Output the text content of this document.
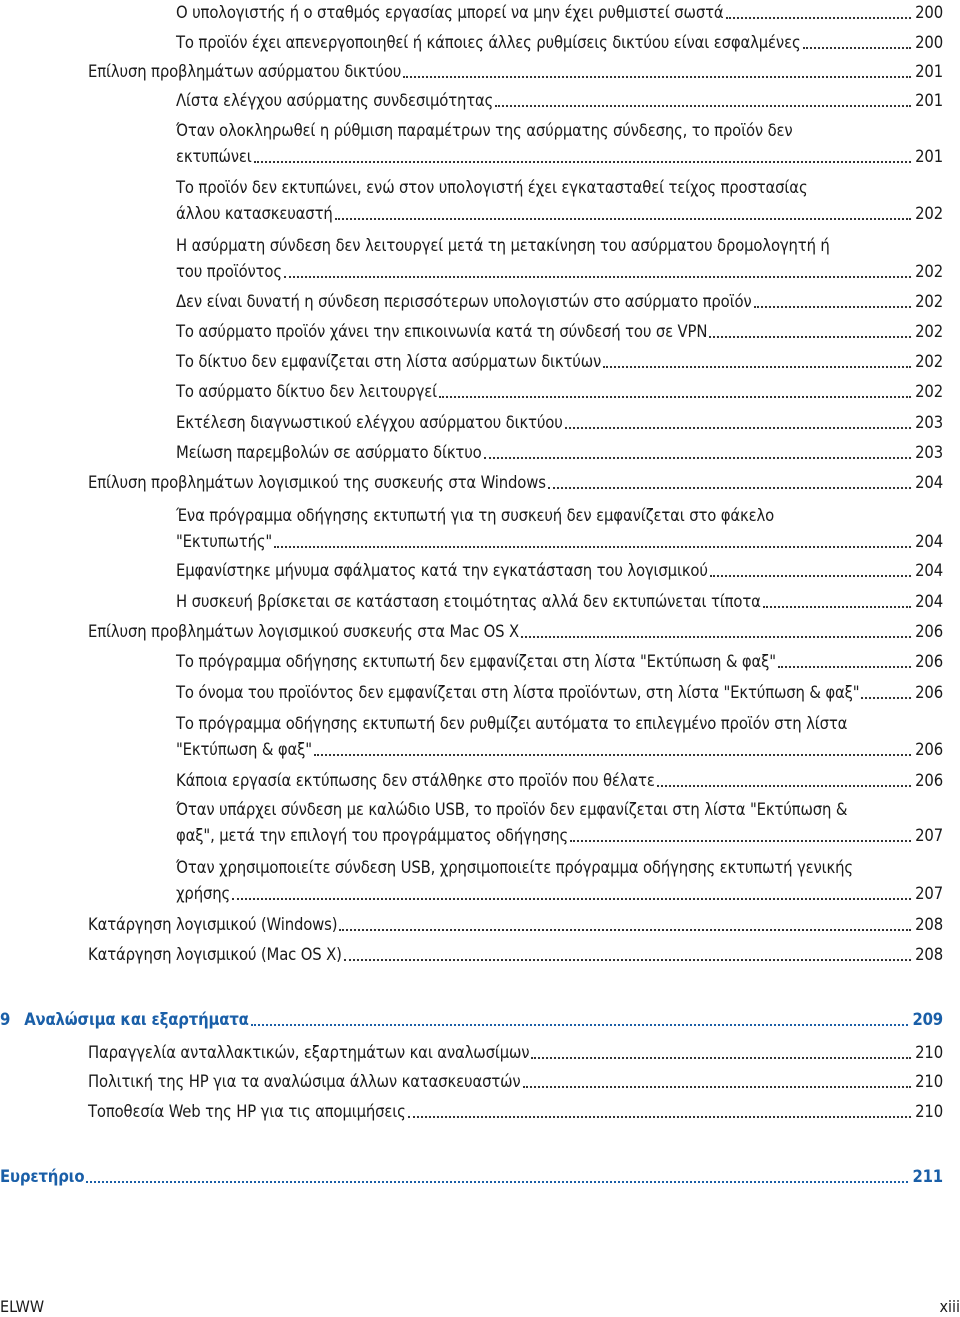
Ο υπολογιστής ή ο σταθμός εργασίας μπορεί να μην έχει ρυθμιστεί σωστά	200
Το προϊόν έχει απενεργοποιηθεί ή κάποιες άλλες ρυθμίσεις δικτύου είναι εσφαλμένες	200
Επίλυση προβλημάτων ασύρματου δικτύου	201
Λίστα ελέγχου ασύρματης συνδεσιμότητας	201
Όταν ολοκληρωθεί η ρύθμιση παραμέτρων της ασύρματης σύνδεσης, το προϊόν δεν
εκτυπώνει	201
Το προϊόν δεν εκτυπώνει, ενώ στον υπολογιστή έχει εγκατασταθεί τείχος προστασίας
άλλου κατασκευαστή	202
Η ασύρματη σύνδεση δεν λειτουργεί μετά τη μετακίνηση του ασύρματου δρομολογητή ή
του προϊόντος	202
Δεν είναι δυνατή η σύνδεση περισσότερων υπολογιστών στο ασύρματο προϊόν	202
Το ασύρματο προϊόν χάνει την επικοινωνία κατά τη σύνδεσή του σε VPN	202
Το δίκτυο δεν εμφανίζεται στη λίστα ασύρματων δικτύων	202
Το ασύρματο δίκτυο δεν λειτουργεί	202
Εκτέλεση διαγνωστικού ελέγχου ασύρματου δικτύου	203
Μείωση παρεμβολών σε ασύρματο δίκτυο	203
Επίλυση προβλημάτων λογισμικού της συσκευής στα Windows	204
Ένα πρόγραμμα οδήγησης εκτυπωτή για τη συσκευή δεν εμφανίζεται στο φάκελο
"Εκτυπωτής"	204
Εμφανίστηκε μήνυμα σφάλματος κατά την εγκατάσταση του λογισμικού	204
Η συσκευή βρίσκεται σε κατάσταση ετοιμότητας αλλά δεν εκτυπώνεται τίποτα	204
Επίλυση προβλημάτων λογισμικού συσκευής στα Mac OS X	206
Το πρόγραμμα οδήγησης εκτυπωτή δεν εμφανίζεται στη λίστα "Εκτύπωση & φαξ"	206
Το όνομα του προϊόντος δεν εμφανίζεται στη λίστα προϊόντων, στη λίστα "Εκτύπωση & φαξ"	206
Το πρόγραμμα οδήγησης εκτυπωτή δεν ρυθμίζει αυτόματα το επιλεγμένο προϊόν στη λίστα
"Εκτύπωση & φαξ"	206
Κάποια εργασία εκτύπωσης δεν στάλθηκε στο προϊόν που θέλατε	206
Όταν υπάρχει σύνδεση με καλώδιο USB, το προϊόν δεν εμφανίζεται στη λίστα "Εκτύπωση &
φαξ", μετά την επιλογή του προγράμματος οδήγησης	207
Όταν χρησιμοποιείτε σύνδεση USB, χρησιμοποιείτε πρόγραμμα οδήγησης εκτυπωτή γενικής
χρήσης	207
Κατάργηση λογισμικού (Windows)	208
Κατάργηση λογισμικού (Mac OS X)	208
9 Αναλώσιμα και εξαρτήματα	209
Παραγγελία ανταλλακτικών, εξαρτημάτων και αναλωσίμων	210
Πολιτική της HP για τα αναλώσιμα άλλων κατασκευαστών	210
Τοποθεσία Web της HP για τις απομιμήσεις	210
Ευρετήριο	211
ELWW	xiii
